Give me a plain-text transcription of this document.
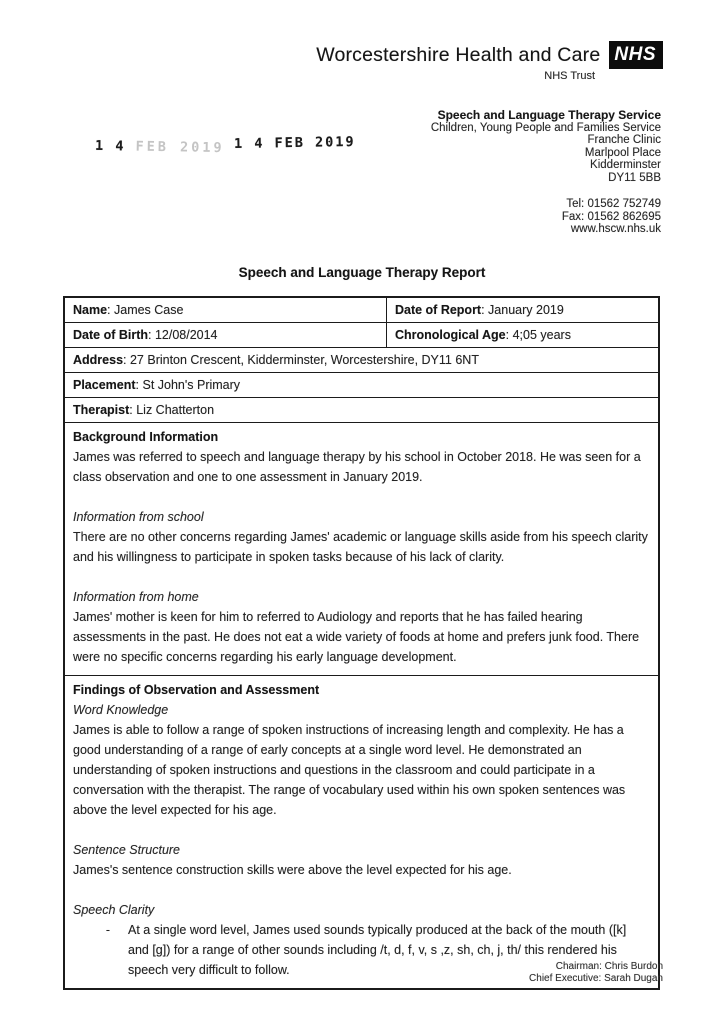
Worcestershire Health and Care NHS
NHS Trust
1 4 FEB 2019 1 4 FEB 2019
Speech and Language Therapy Service
Children, Young People and Families Service
Franche Clinic
Marlpool Place
Kidderminster
DY11 5BB
Tel: 01562 752749
Fax: 01562 862695
www.hscw.nhs.uk
Speech and Language Therapy Report
Name: James Case	Date of Report: January 2019
Date of Birth: 12/08/2014	Chronological Age: 4;05 years
Address: 27 Brinton Crescent, Kidderminster, Worcestershire, DY11 6NT
Placement: St John's Primary
Therapist: Liz Chatterton
Background Information

James was referred to speech and language therapy by his school in October 2018. He was seen for a class observation and one to one assessment in January 2019.

Information from school

There are no other concerns regarding James' academic or language skills aside from his speech clarity and his willingness to participate in spoken tasks because of his lack of clarity.

Information from home

James' mother is keen for him to referred to Audiology and reports that he has failed hearing assessments in the past. He does not eat a wide variety of foods at home and prefers junk food. There were no specific concerns regarding his early language development.

Findings of Observation and Assessment
Word Knowledge

James is able to follow a range of spoken instructions of increasing length and complexity. He has a good understanding of a range of early concepts at a single word level. He demonstrated an understanding of spoken instructions and questions in the classroom and could participate in a conversation with the therapist. The range of vocabulary used within his own spoken sentences was above the level expected for his age.

Sentence Structure

James's sentence construction skills were above the level expected for his age.

Speech Clarity
-	At a single word level, James used sounds typically produced at the back of the mouth ([k] and [g]) for a range of other sounds including /t, d, f, v, s ,z, sh, ch, j, th/ this rendered his speech very difficult to follow.	Chairman: Chris Burdon
Chief Executive: Sarah Dugan
